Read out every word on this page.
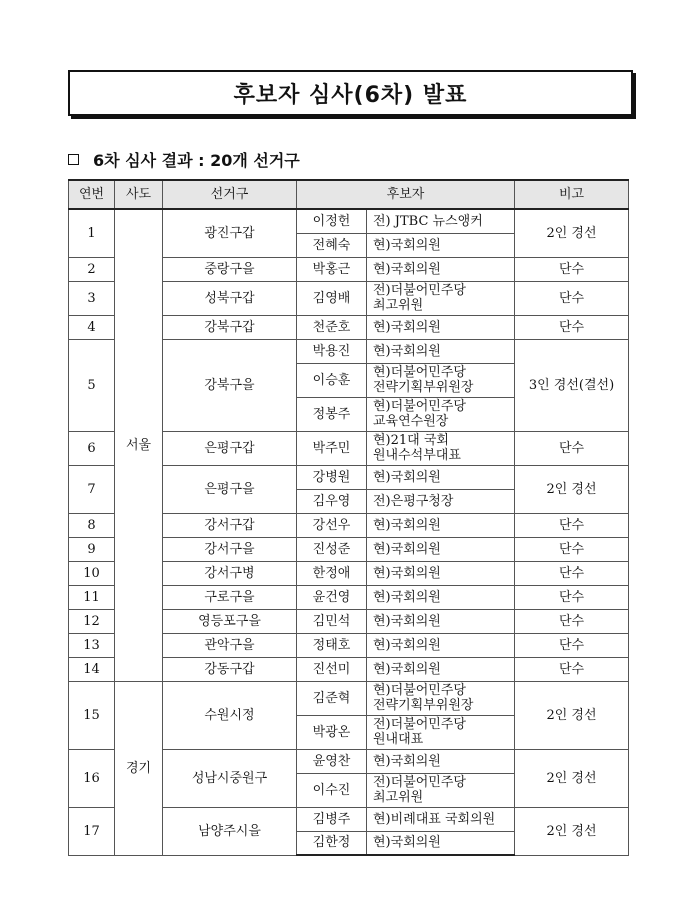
후보자 심사(6차) 발표
6차 심사 결과 : 20개 선거구
연번	사도	선거구	후보자		비고
1	서울	광진구갑	이정헌	전) JTBC 뉴스앵커	2인 경선
			전혜숙	현)국회의원	
2		중랑구을	박홍근	현)국회의원	단수
3		성북구갑	김영배	전)더불어민주당
최고위원	단수
4		강북구갑	천준호	현)국회의원	단수
5		강북구을	박용진	현)국회의원	3인 경선(결선)
			이승훈	현)더불어민주당
전략기획부위원장	
			정봉주	현)더불어민주당
교육연수원장	
6		은평구갑	박주민	현)21대 국회
원내수석부대표	단수
7		은평구을	강병원	현)국회의원	2인 경선
			김우영	전)은평구청장	
8		강서구갑	강선우	현)국회의원	단수
9		강서구을	진성준	현)국회의원	단수
10		강서구병	한정애	현)국회의원	단수
11		구로구을	윤건영	현)국회의원	단수
12		영등포구을	김민석	현)국회의원	단수
13		관악구을	정태호	현)국회의원	단수
14		강동구갑	진선미	현)국회의원	단수
15	경기	수원시정	김준혁	현)더불어민주당
전략기획부위원장	2인 경선
			박광온	전)더불어민주당
원내대표	
16		성남시중원구	윤영찬	현)국회의원	2인 경선
			이수진	전)더불어민주당
최고위원	
17		남양주시을	김병주	현)비례대표 국회의원	2인 경선
			김한정	현)국회의원	
